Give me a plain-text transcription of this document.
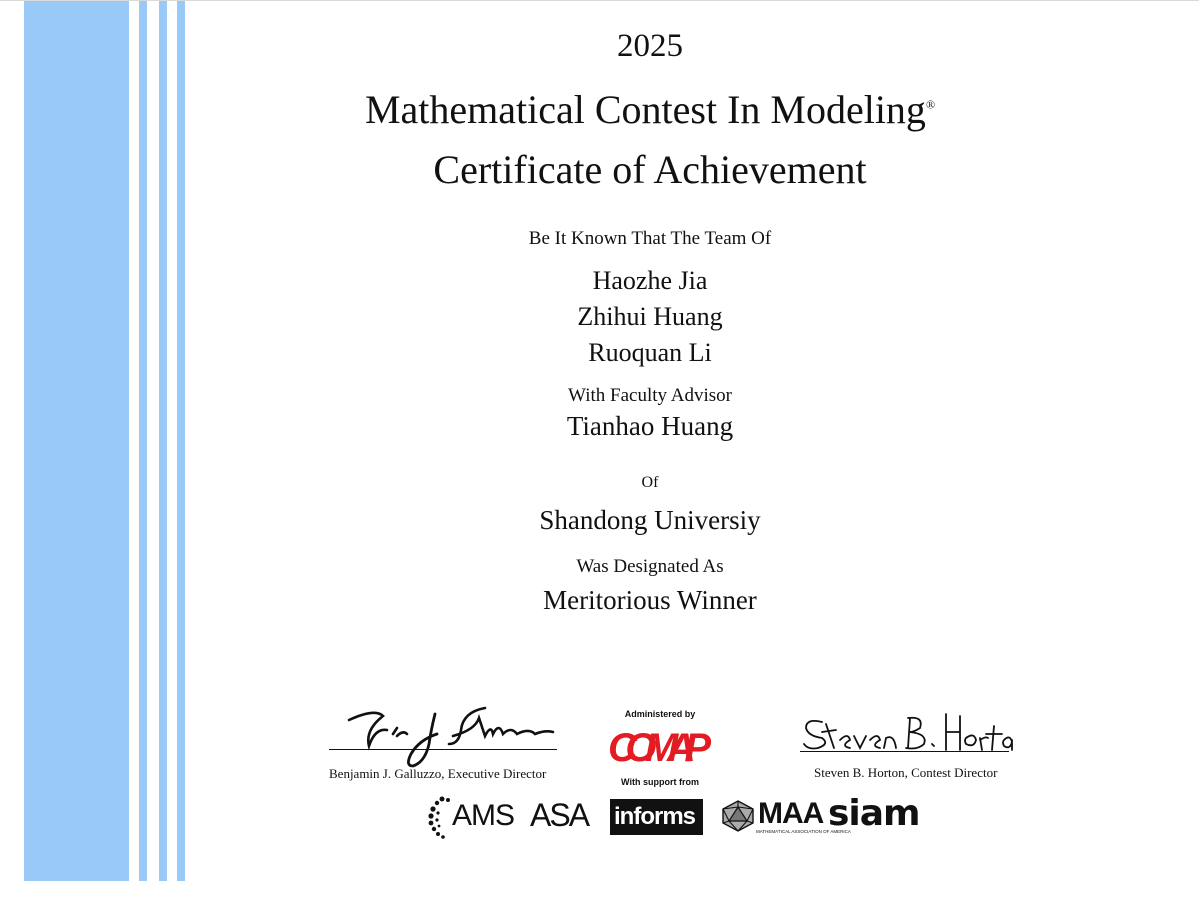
2025
Mathematical Contest In Modeling®
Certificate of Achievement
Be It Known That The Team Of
Haozhe Jia
Zhihui Huang
Ruoquan Li
With Faculty Advisor
Tianhao Huang
Of
Shandong Universiy
Was Designated As
Meritorious Winner
Benjamin J. Galluzzo, Executive Director	Steven B. Horton, Contest Director
Administered by
COMAP
With support from
AMS ASA informs MAA
MATHEMATICAL ASSOCIATION OF AMERICA
siam
